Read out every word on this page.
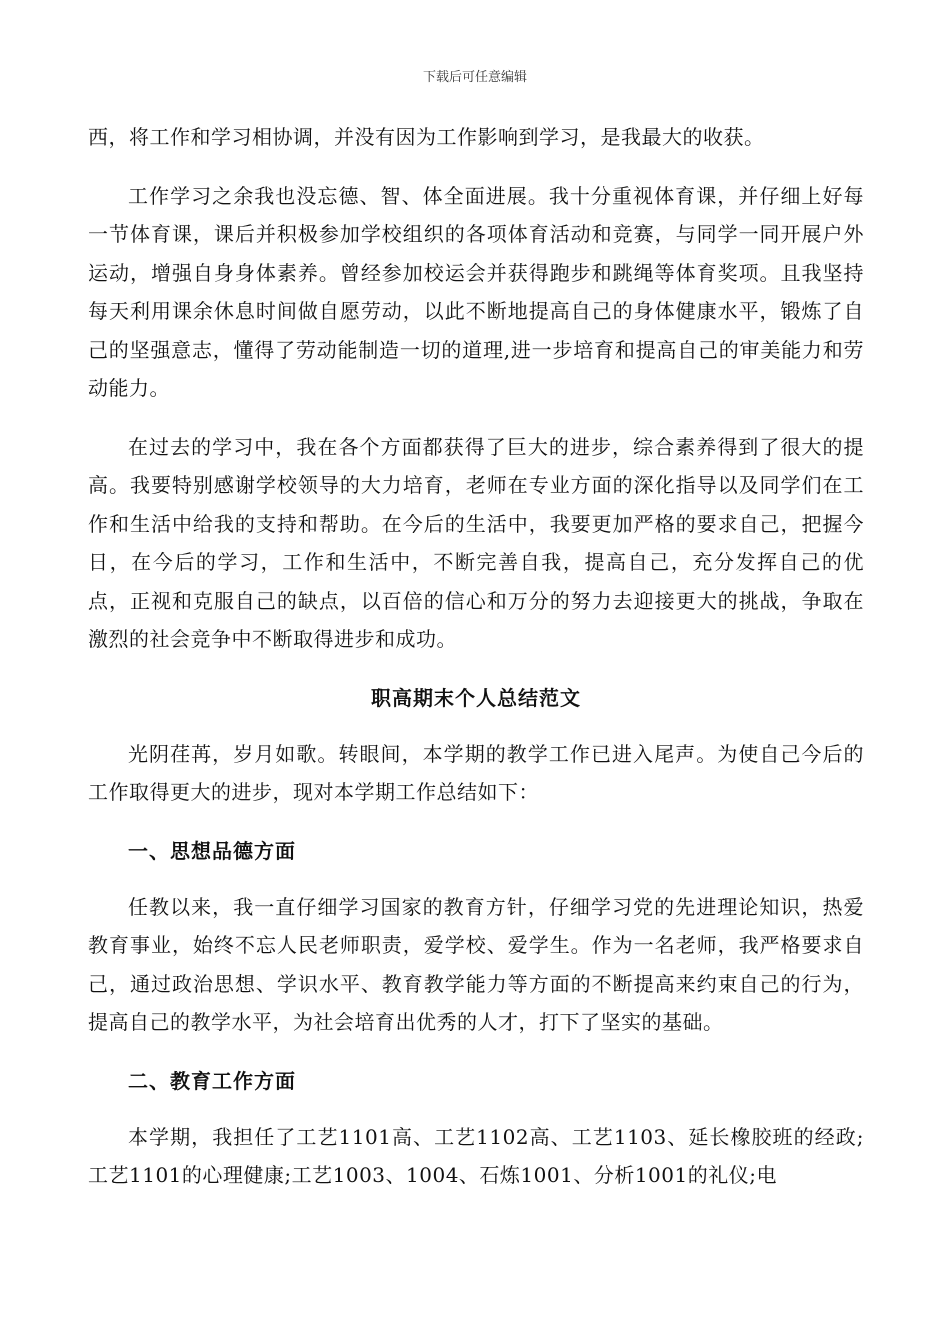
下载后可任意编辑

西，将工作和学习相协调，并没有因为工作影响到学习，是我最大的收获。

工作学习之余我也没忘德、智、体全面进展。我十分重视体育课，并仔细上好每一节体育课，课后并积极参加学校组织的各项体育活动和竞赛，与同学一同开展户外运动，增强自身身体素养。曾经参加校运会并获得跑步和跳绳等体育奖项。且我坚持每天利用课余休息时间做自愿劳动，以此不断地提高自己的身体健康水平，锻炼了自己的坚强意志，懂得了劳动能制造一切的道理,进一步培育和提高自己的审美能力和劳动能力。

在过去的学习中，我在各个方面都获得了巨大的进步，综合素养得到了很大的提高。我要特别感谢学校领导的大力培育，老师在专业方面的深化指导以及同学们在工作和生活中给我的支持和帮助。在今后的生活中，我要更加严格的要求自己，把握今日，在今后的学习，工作和生活中，不断完善自我，提高自己，充分发挥自己的优点，正视和克服自己的缺点，以百倍的信心和万分的努力去迎接更大的挑战，争取在激烈的社会竞争中不断取得进步和成功。

职高期末个人总结范文

光阴荏苒，岁月如歌。转眼间，本学期的教学工作已进入尾声。为使自己今后的工作取得更大的进步，现对本学期工作总结如下：

一、思想品德方面

任教以来，我一直仔细学习国家的教育方针，仔细学习党的先进理论知识，热爱教育事业，始终不忘人民老师职责，爱学校、爱学生。作为一名老师，我严格要求自己，通过政治思想、学识水平、教育教学能力等方面的不断提高来约束自己的行为，提高自己的教学水平，为社会培育出优秀的人才，打下了坚实的基础。

二、教育工作方面

本学期，我担任了工艺1101高、工艺1102高、工艺1103、延长橡胶班的经政;工艺1101的心理健康;工艺1003、1004、石炼1001、分析1001的礼仪;电
